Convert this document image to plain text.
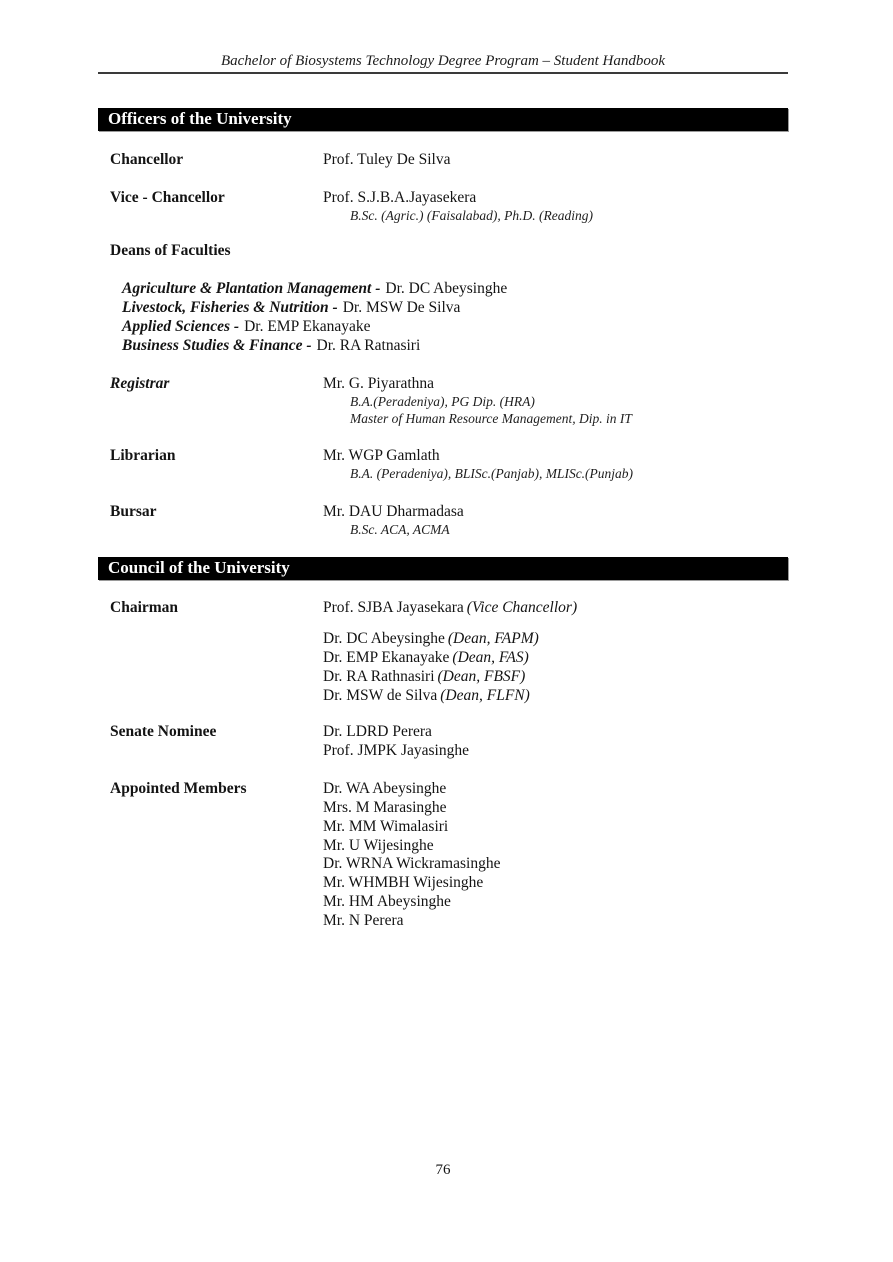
Bachelor of Biosystems Technology Degree Program – Student Handbook
Officers of the University
Chancellor	Prof. Tuley De Silva
Vice - Chancellor	Prof. S.J.B.A.Jayasekera
B.Sc. (Agric.) (Faisalabad), Ph.D. (Reading)
Deans of Faculties
Agriculture & Plantation Management - Dr. DC Abeysinghe
Livestock, Fisheries & Nutrition - Dr. MSW De Silva
Applied Sciences - Dr. EMP Ekanayake
Business Studies & Finance - Dr. RA Ratnasiri
Registrar	Mr. G. Piyarathna
B.A.(Peradeniya), PG Dip. (HRA)
Master of Human Resource Management, Dip. in IT
Librarian	Mr. WGP Gamlath
B.A. (Peradeniya), BLISc.(Panjab), MLISc.(Punjab)
Bursar	Mr. DAU Dharmadasa
B.Sc. ACA, ACMA
Council of the University
Chairman	Prof. SJBA Jayasekara (Vice Chancellor)
Dr. DC Abeysinghe (Dean, FAPM)
Dr. EMP Ekanayake (Dean, FAS)
Dr. RA Rathnasiri (Dean, FBSF)
Dr. MSW de Silva (Dean, FLFN)
Senate Nominee	Dr. LDRD Perera
Prof. JMPK Jayasinghe
Appointed Members	Dr. WA Abeysinghe
Mrs. M Marasinghe
Mr. MM Wimalasiri
Mr. U Wijesinghe
Dr. WRNA Wickramasinghe
Mr. WHMBH Wijesinghe
Mr. HM Abeysinghe
Mr. N Perera
76
